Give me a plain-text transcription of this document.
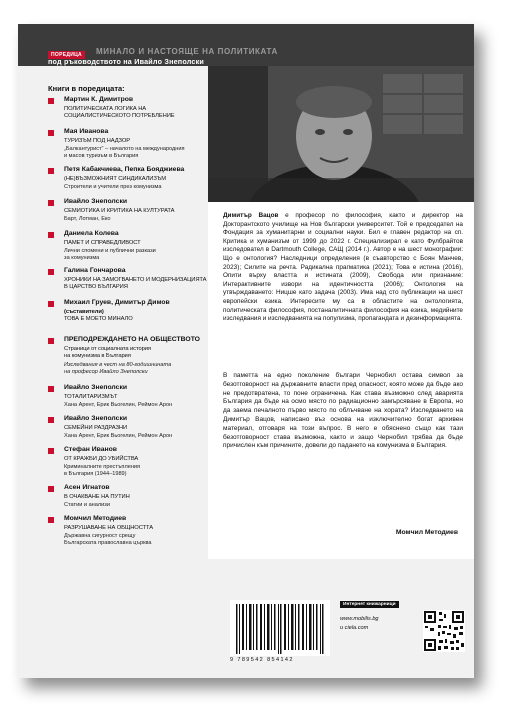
ПОРЕДИЦА	МИНАЛО И НАСТОЯЩЕ НА ПОЛИТИКАТА
под ръководството на Ивайло Знеполски
Книги в поредицата:
Мартин К. Димитров
ПОЛИТИЧЕСКАТА ЛОГИКА НА
СОЦИАЛИСТИЧЕСКОТО ПОТРЕБЛЕНИЕ
Мая Иванова
ТУРИЗЪМ ПОД НАДЗОР
„Балкантурист“ – началото на международния
и масов туризъм в България
Петя Кабакчиева, Пепка Бояджиева
(НЕ)ВЪЗМОЖНИЯТ СИНДИКАЛИЗЪМ
Строители и учители през комунизма
Ивайло Знеполски
СЕМИОТИКА И КРИТИКА НА КУЛТУРАТА
Барт, Лотман, Еко
Даниела Колева
ПАМЕТ И СПРАВЕДЛИВОСТ
Лични спомени и публични разкази
за комунизма
Галина Гончарова
ХРОНИКИ НА ЗАМОГВАНЕТО И МОДЕРНИЗАЦИЯТА
В ЦАРСТВО БЪЛГАРИЯ
Михаил Груев, Димитър Димов
(съставители)
ТОВА Е МОЕТО МИНАЛО
ПРЕПОДРЕЖДАНЕТО НА ОБЩЕСТВОТО
Страници от социалната история
на комунизма в България
Изследвания в чест на 80-годишнината
на професор Ивайло Знеполски
Ивайло Знеполски
ТОТАЛИТАРИЗМЪТ
Хана Арент, Ерик Вьогелин, Реймон Арон
Ивайло Знеполски
СЕМЕЙНИ РАЗДРАЗНИ
Хана Арент, Ерик Вьогелин, Реймон Арон
Стефан Иванов
ОТ КРАЖБИ ДО УБИЙСТВА
Криминалните престъпления
в България (1944–1989)
Асен Игнатов
В ОЧАКВАНЕ НА ПУТИН
Статии и анализи
Момчил Методиев
РАЗРУШАВАНЕ НА ОБЩНОСТТА
Държавна сигурност срещу
Българската православна църква
Димитър Вацов е професор по философия, както и директор на Докторантското училище на Нов български университет. Той е председател на Фондация за хуманитарни и социални науки. Бил е главен редактор на сп. Критика и хуманизъм от 1999 до 2022 г. Специализирал е като Фулбрайтов изследовател в Dartmouth College, САЩ (2014 г.). Автор е на шест монографии: Що е онтология? Наследници определения (в съавторство с Боян Манчев, 2023); Силите на речта. Радикална прагматика (2021); Това е истина (2016), Опити върху властта и истината (2009), Свобода или признание: Интерактивните извори на идентичността (2006); Онтология на утвърждаването: Ницше като задача (2003). Има над сто публикации на шест европейски езика. Интересите му са в областите на онтологията, политическата философия, постаналитичната философия на езика, медийните изследвания и изследванията на популизма, пропагандата и дезинформацията.
В паметта на едно поколение българи Чернобил остава символ за безотговорност на държавните власти пред опасност, която може да бъде ако не предотвратена, то поне ограничена. Как става възможно след аварията България да бъде на осмо място по радиационно замърсяване в Европа, но да заема печалното първо място по облъчване на хората? Изследването на Димитър Вацов, написано въз основа на изключително богат архивен материал, отговаря на този въпрос. В него е обяснено също как тази безотговорност става възможна, както и защо Чернобил трябва да бъде причислен към причините, довели до падането на комунизма в България.
Момчил Методиев
9 789542 854142
Интернет книжарници
www.mobilis.bg
и ciela.com
